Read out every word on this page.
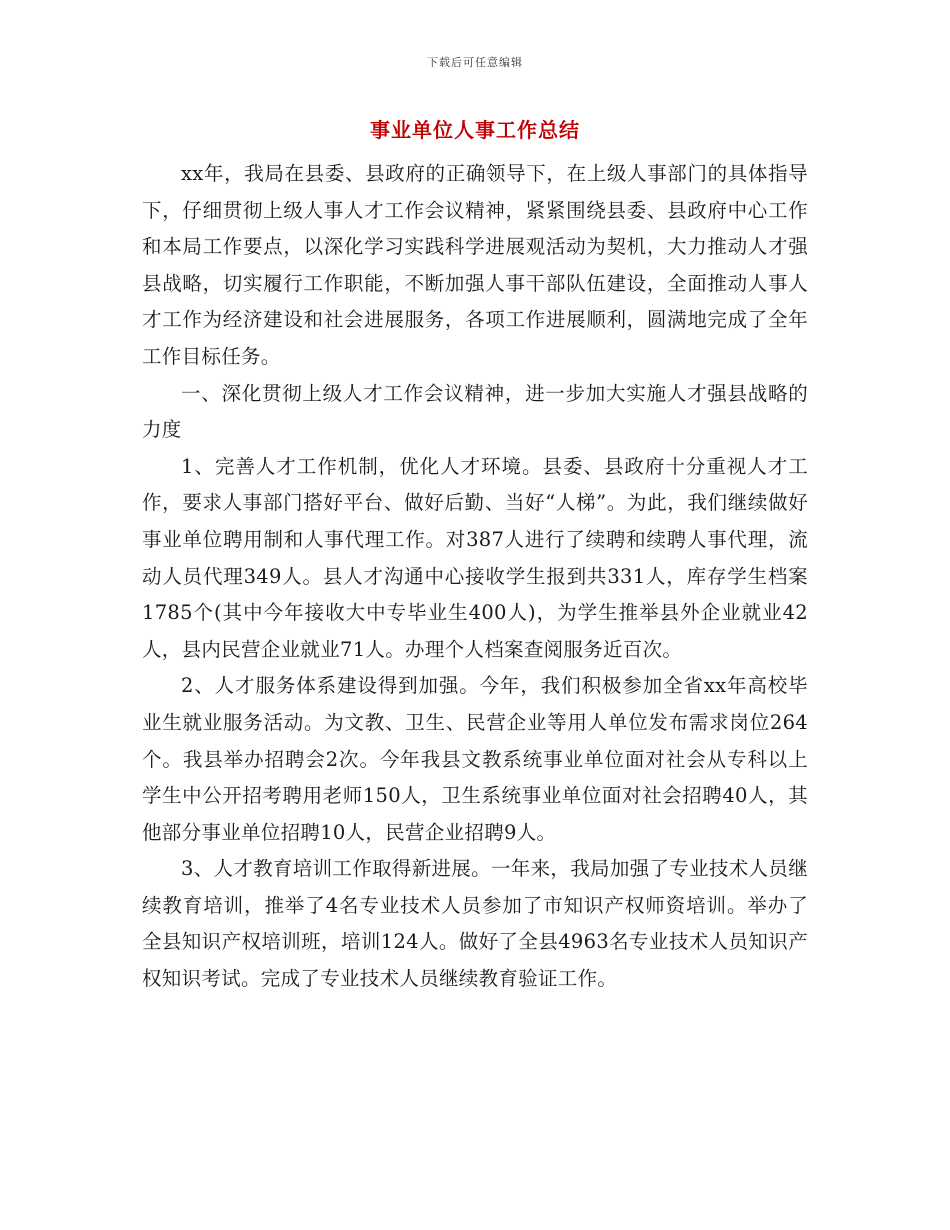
下载后可任意编辑
事业单位人事工作总结

xx年，我局在县委、县政府的正确领导下，在上级人事部门的具体指导下，仔细贯彻上级人事人才工作会议精神，紧紧围绕县委、县政府中心工作和本局工作要点，以深化学习实践科学进展观活动为契机，大力推动人才强县战略，切实履行工作职能，不断加强人事干部队伍建设，全面推动人事人才工作为经济建设和社会进展服务，各项工作进展顺利，圆满地完成了全年工作目标任务。

一、深化贯彻上级人才工作会议精神，进一步加大实施人才强县战略的力度

1、完善人才工作机制，优化人才环境。县委、县政府十分重视人才工作，要求人事部门搭好平台、做好后勤、当好“人梯”。为此，我们继续做好事业单位聘用制和人事代理工作。对387人进行了续聘和续聘人事代理，流动人员代理349人。县人才沟通中心接收学生报到共331人，库存学生档案1785个(其中今年接收大中专毕业生400人)，为学生推举县外企业就业42人，县内民营企业就业71人。办理个人档案查阅服务近百次。

2、人才服务体系建设得到加强。今年，我们积极参加全省xx年高校毕业生就业服务活动。为文教、卫生、民营企业等用人单位发布需求岗位264个。我县举办招聘会2次。今年我县文教系统事业单位面对社会从专科以上学生中公开招考聘用老师150人，卫生系统事业单位面对社会招聘40人，其他部分事业单位招聘10人，民营企业招聘9人。

3、人才教育培训工作取得新进展。一年来，我局加强了专业技术人员继续教育培训，推举了4名专业技术人员参加了市知识产权师资培训。举办了全县知识产权培训班，培训124人。做好了全县4963名专业技术人员知识产权知识考试。完成了专业技术人员继续教育验证工作。
